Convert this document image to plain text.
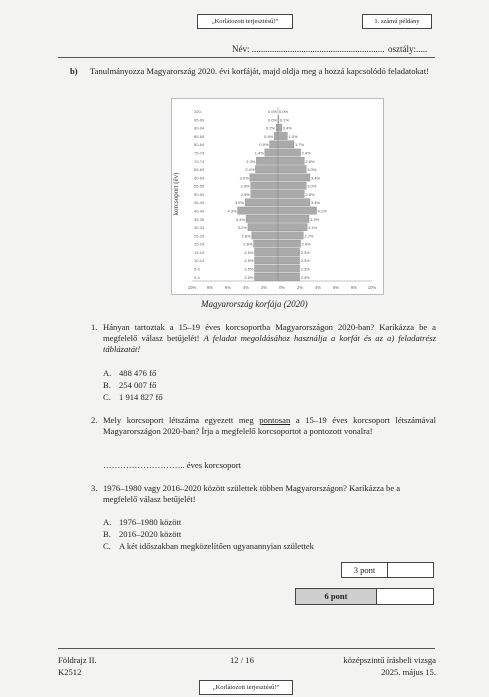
„Korlátozott terjesztésű!”	1. számú példány
Név: ........................................................... osztály:.....
b) Tanulmányozza Magyarország 2020. évi korfáját, majd oldja meg a hozzá kapcsolódó feladatokat!
korcsoport (év)
0-4	2.5%	2.3%
5-9	2.5%	2.3%
10-14	2.5%	2.3%
15-19	2.5%	2.3%
20-24	2.6%	2.4%
25-29	2.8%	2.7%
30-34	3.2%	3.1%
35-39	3.4%	3.3%
40-44	4.3%	4.1%
45-49	3.5%	3.4%
50-54	2.9%	2.8%
55-59	2.9%	3.0%
60-64	3.0%	3.4%
65-69	2.4%	3.0%
70-74	2.3%	2.8%
75-79	1.4%	2.4%
80-84	0.9%	1.7%
85-89	0.4%	1.0%
90-94	0.2% 0.4%
95-99	0.0% 0.1%
100-	0.0% 0.0%
10%	8%	6%	4%	2%	0%	2%	4%	6%	8%	10%
Magyarország korfája (2020)
1. Hányan tartoztak a 15–19 éves korcsoportba Magyarországon 2020-ban? Karíkázza be a megfelelő válasz betűjelét! A feladat megoldásához használja a korfát és az a) feladatrész táblázatát!
A. 488 476 fő
B. 254 007 fő
C. 1 914 827 fő
2. Mely korcsoport létszáma egyezett meg pontosan a 15–19 éves korcsoport létszámával Magyarországon 2020-ban? Írja a megfelelő korcsoportot a pontozott vonalra!
……………………….. éves korcsoport
3. 1976–1980 vagy 2016–2020 között születtek többen Magyarországon? Karíkázza be a megfelelő válasz betűjelét!
A. 1976–1980 között
B. 2016–2020 között
C. A két időszakban megközelítően ugyanannyian születtek
3 pont
6 pont
Földrajz II.
K2512
12 / 16	középszintű írásbeli vizsga
2025. május 15.
„Korlátozott terjesztésű!”
